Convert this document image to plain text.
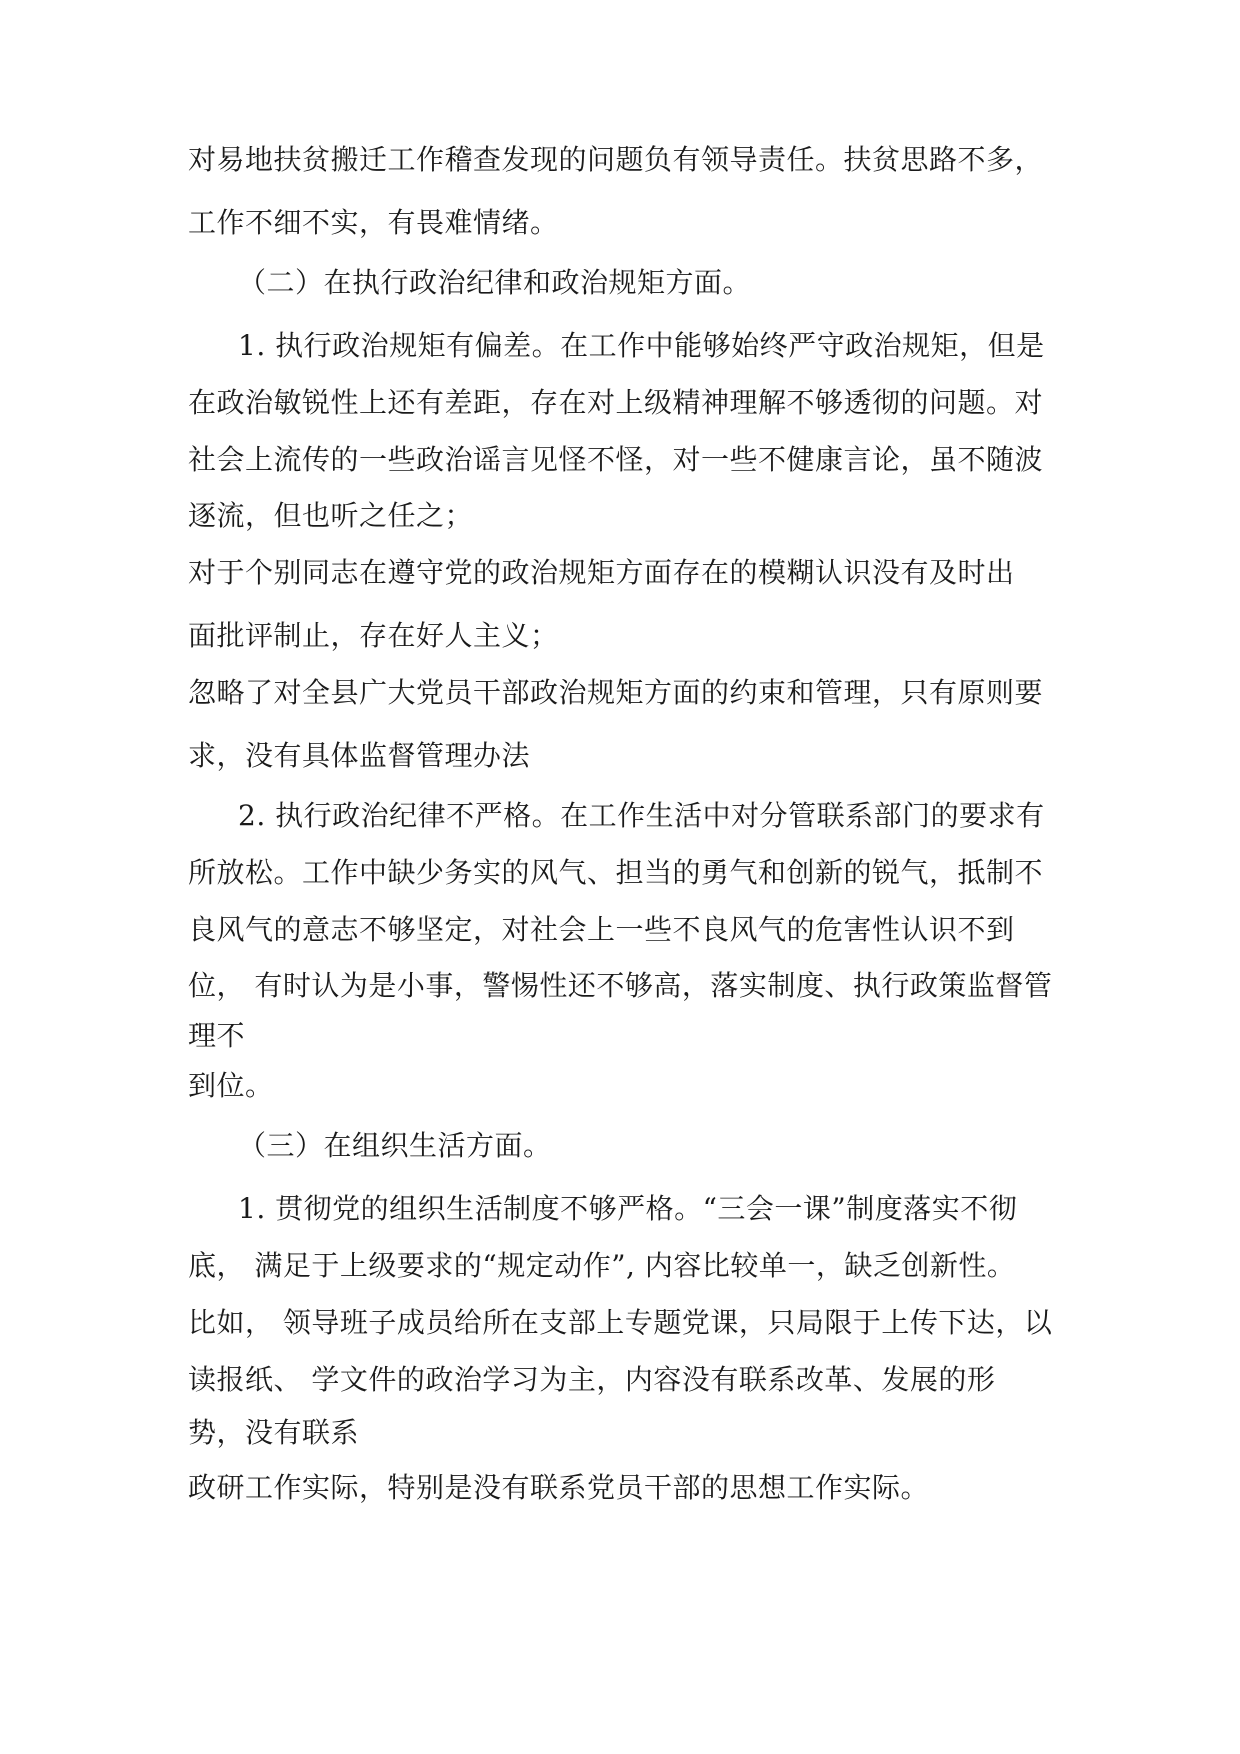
对易地扶贫搬迁工作稽查发现的问题负有领导责任。扶贫思路不多，
工作不细不实，有畏难情绪。
（二）在执行政治纪律和政治规矩方面。
1. 执行政治规矩有偏差。在工作中能够始终严守政治规矩，但是
在政治敏锐性上还有差距，存在对上级精神理解不够透彻的问题。对
社会上流传的一些政治谣言见怪不怪，对一些不健康言论，虽不随波
逐流，但也听之任之；
对于个别同志在遵守党的政治规矩方面存在的模糊认识没有及时出
面批评制止，存在好人主义；
忽略了对全县广大党员干部政治规矩方面的约束和管理，只有原则要
求，没有具体监督管理办法
2. 执行政治纪律不严格。在工作生活中对分管联系部门的要求有
所放松。工作中缺少务实的风气、担当的勇气和创新的锐气，抵制不
良风气的意志不够坚定，对社会上一些不良风气的危害性认识不到
位， 有时认为是小事，警惕性还不够高，落实制度、执行政策监督管
理不
到位。
（三）在组织生活方面。
1. 贯彻党的组织生活制度不够严格。“三会一课”制度落实不彻
底， 满足于上级要求的“规定动作”, 内容比较单一，缺乏创新性。
比如， 领导班子成员给所在支部上专题党课，只局限于上传下达，以
读报纸、 学文件的政治学习为主，内容没有联系改革、发展的形
势，没有联系
政研工作实际，特别是没有联系党员干部的思想工作实际。
